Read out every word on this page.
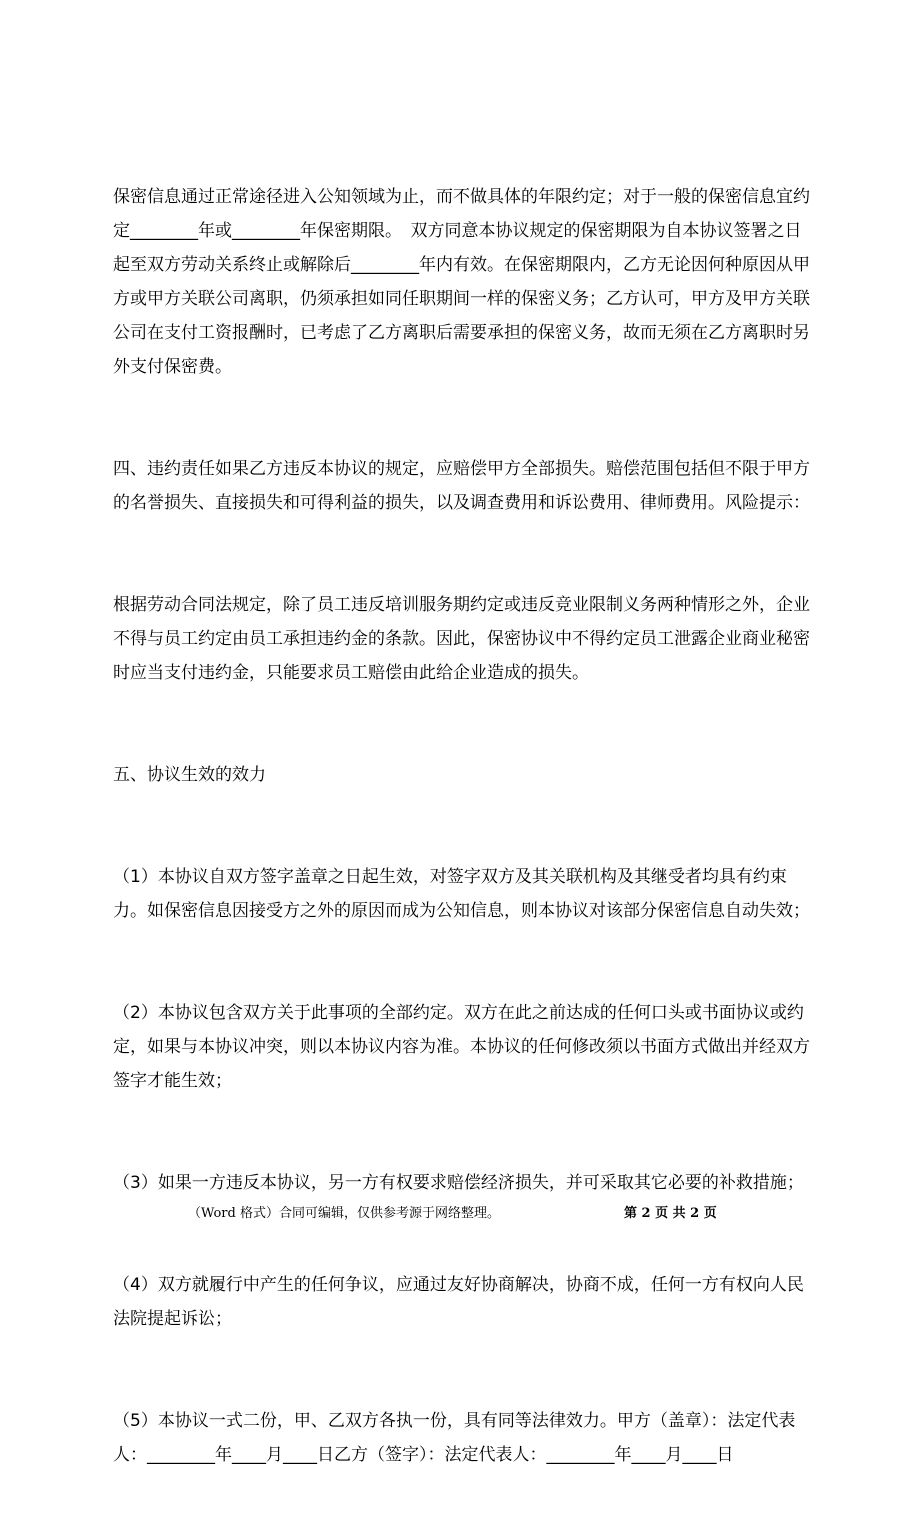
保密信息通过正常途径进入公知领域为止，而不做具体的年限约定；对于一般的保密信息宜约定________年或________年保密期限。　双方同意本协议规定的保密期限为自本协议签署之日起至双方劳动关系终止或解除后________年内有效。在保密期限内，乙方无论因何种原因从甲方或甲方关联公司离职，仍须承担如同任职期间一样的保密义务；乙方认可，甲方及甲方关联公司在支付工资报酬时，已考虑了乙方离职后需要承担的保密义务，故而无须在乙方离职时另外支付保密费。

四、违约责任如果乙方违反本协议的规定，应赔偿甲方全部损失。赔偿范围包括但不限于甲方的名誉损失、直接损失和可得利益的损失，以及调查费用和诉讼费用、律师费用。风险提示：

根据劳动合同法规定，除了员工违反培训服务期约定或违反竞业限制义务两种情形之外，企业不得与员工约定由员工承担违约金的条款。因此，保密协议中不得约定员工泄露企业商业秘密时应当支付违约金，只能要求员工赔偿由此给企业造成的损失。

五、协议生效的效力

（1）本协议自双方签字盖章之日起生效，对签字双方及其关联机构及其继受者均具有约束力。如保密信息因接受方之外的原因而成为公知信息，则本协议对该部分保密信息自动失效；

（2）本协议包含双方关于此事项的全部约定。双方在此之前达成的任何口头或书面协议或约定，如果与本协议冲突，则以本协议内容为准。本协议的任何修改须以书面方式做出并经双方签字才能生效；

（3）如果一方违反本协议，另一方有权要求赔偿经济损失，并可采取其它必要的补救措施；

（4）双方就履行中产生的任何争议，应通过友好协商解决，协商不成，任何一方有权向人民法院提起诉讼；

（5）本协议一式二份，甲、乙双方各执一份，具有同等法律效力。甲方（盖章）：法定代表人：________年____月____日乙方（签字）：法定代表人：________年____月____日

（Word 格式）合同可编辑，仅供参考源于网络整理。	第 2 页 共 2 页
